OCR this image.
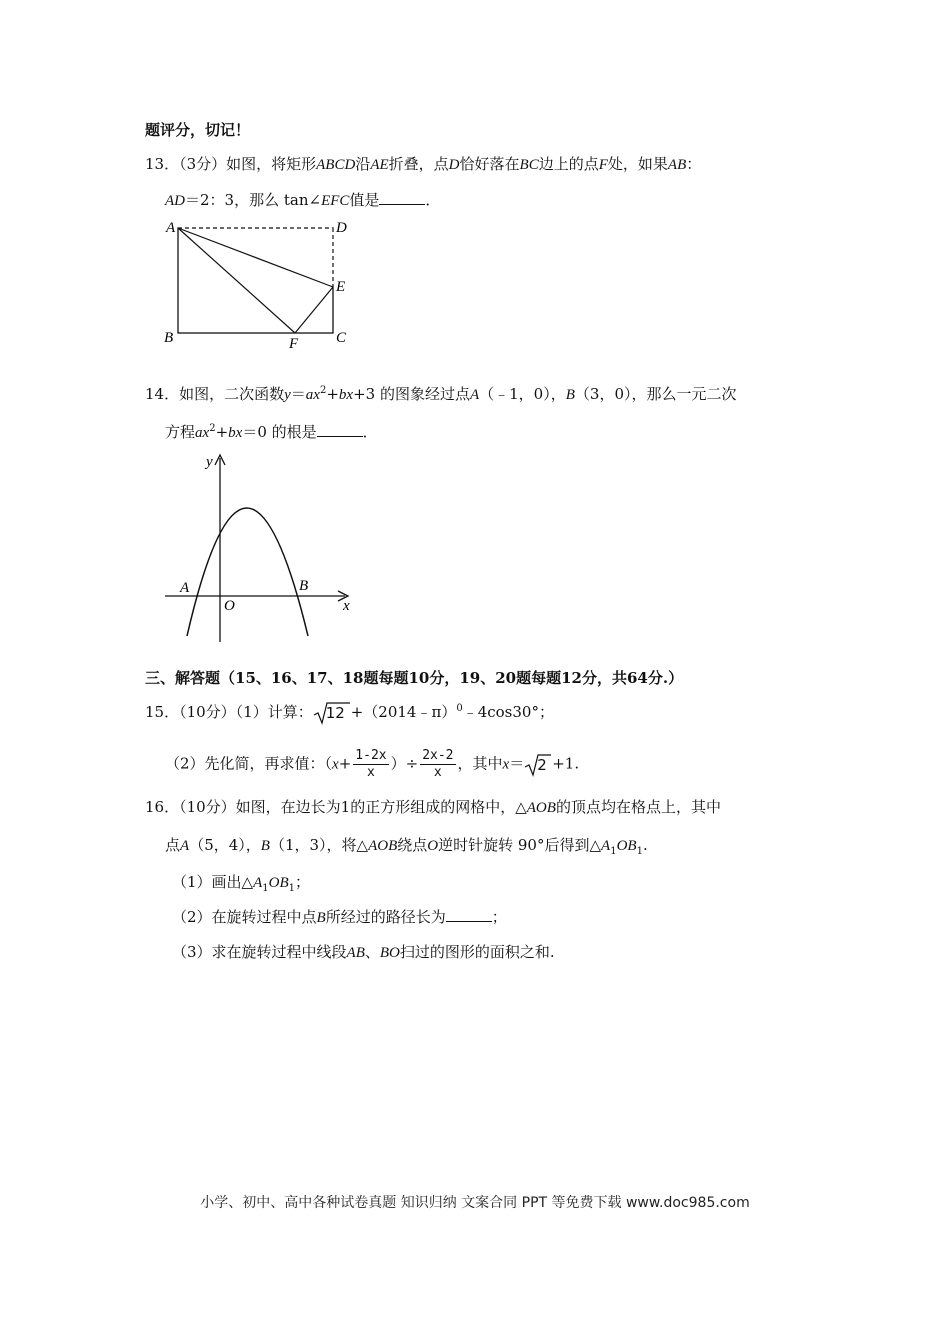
题评分，切记！
13．（3分）如图，将矩形ABCD沿AE折叠，点D恰好落在BC边上的点F处，如果AB：
AD＝2：3，那么 tan∠EFC值是	．
A	D
E
B	F	C
14．如图，二次函数$y=ax^2+bx+3$ 的图象经过点A（﹣1，0），B（3，0），那么一元二次
方程$ax^2+bx=0$ 的根是	．
y
A	B
O	x
三、解答题（15、16、17、18题每题10分，19、20题每题12分，共64分.）
15．（10分）（1）计算： 12 +（2014﹣π）$^0$﹣4cos30°；
（2）先化简，再求值：（$x+ \frac{1-2x}{x}$ ）÷ $\frac{2x-2}{x}$ ，其中x＝ 2 +1.
16．（10分）如图，在边长为1的正方形组成的网格中，△AOB的顶点均在格点上，其中
点A（5，4），B（1，3），将△AOB绕点O逆时针旋转 90°后得到$\triangle A_1OB_1$.
（1）画出$\triangle A_1OB_1$；
（2）在旋转过程中点B所经过的路径长为	；
（3）求在旋转过程中线段AB、BO扫过的图形的面积之和.
小学、初中、高中各种试卷真题 知识归纳 文案合同 PPT 等免费下载 www.doc985.com
